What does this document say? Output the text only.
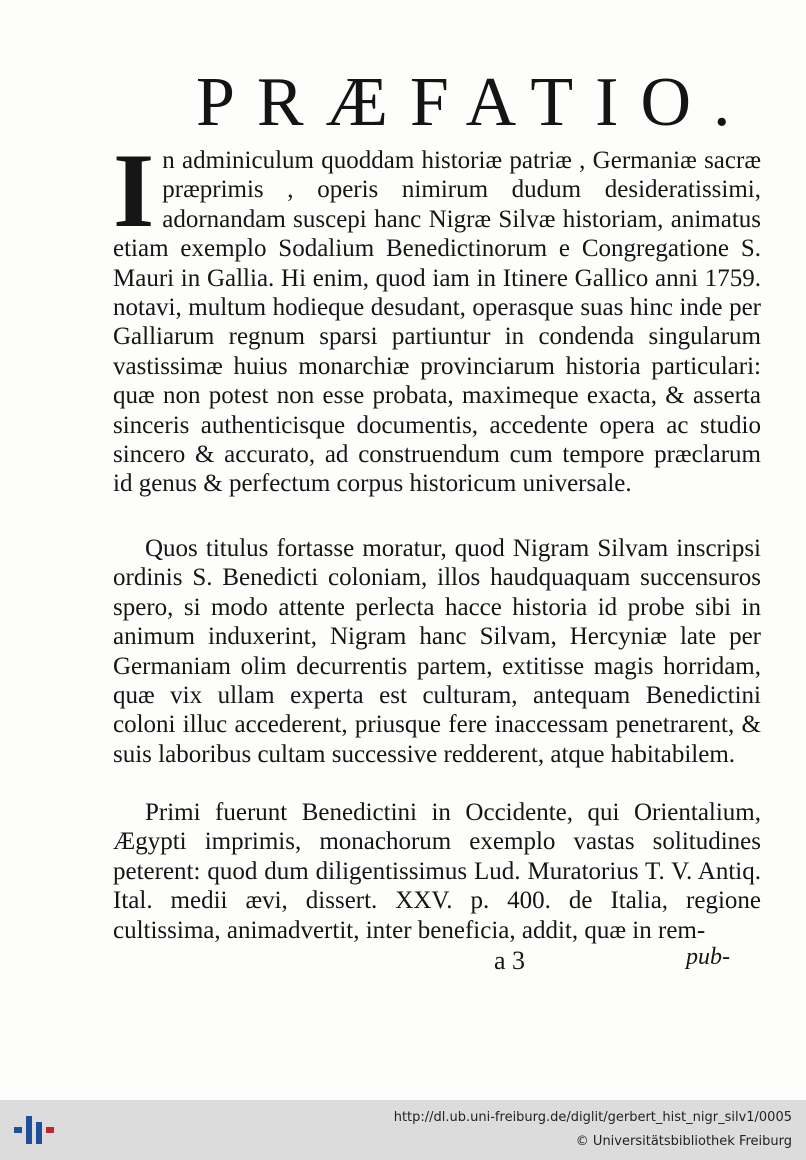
PRÆFATIO.
In adminiculum quoddam historiæ patriæ , Germaniæ sacræ præprimis , operis nimirum dudum desideratissimi, adornandam suscepi hanc Nigræ Silvæ historiam, animatus etiam exemplo Sodalium Benedictinorum e Congregatione S. Mauri in Gallia. Hi enim, quod iam in Itinere Gallico anni 1759. notavi, multum hodieque desudant, operasque suas hinc inde per Galliarum regnum sparsi partiuntur in condenda singularum vastissimæ huius monarchiæ provinciarum historia particulari: quæ non potest non esse probata, maximeque exacta, & asserta sinceris authenticisque documentis, accedente opera ac studio sincero & accurato, ad construendum cum tempore præclarum id genus & perfectum corpus historicum universale.
Quos titulus fortasse moratur, quod Nigram Silvam inscripsi ordinis S. Benedicti coloniam, illos haudquaquam succensuros spero, si modo attente perlecta hacce historia id probe sibi in animum induxerint, Nigram hanc Silvam, Hercyniæ late per Germaniam olim decurrentis partem, extitisse magis horridam, quæ vix ullam experta est culturam, antequam Benedictini coloni illuc accederent, priusque fere inaccessam penetrarent, & suis laboribus cultam successive redderent, atque habitabilem.
Primi fuerunt Benedictini in Occidente, qui Orientalium, Ægypti imprimis, monachorum exemplo vastas solitudines peterent: quod dum diligentissimus Lud. Muratorius T. V. Antiq. Ital. medii ævi, dissert. XXV. p. 400. de Italia, regione cultissima, animadvertit, inter beneficia, addit, quæ in rem-
a 3	pub-
http://dl.ub.uni-freiburg.de/diglit/gerbert_hist_nigr_silv1/0005
© Universitätsbibliothek Freiburg
